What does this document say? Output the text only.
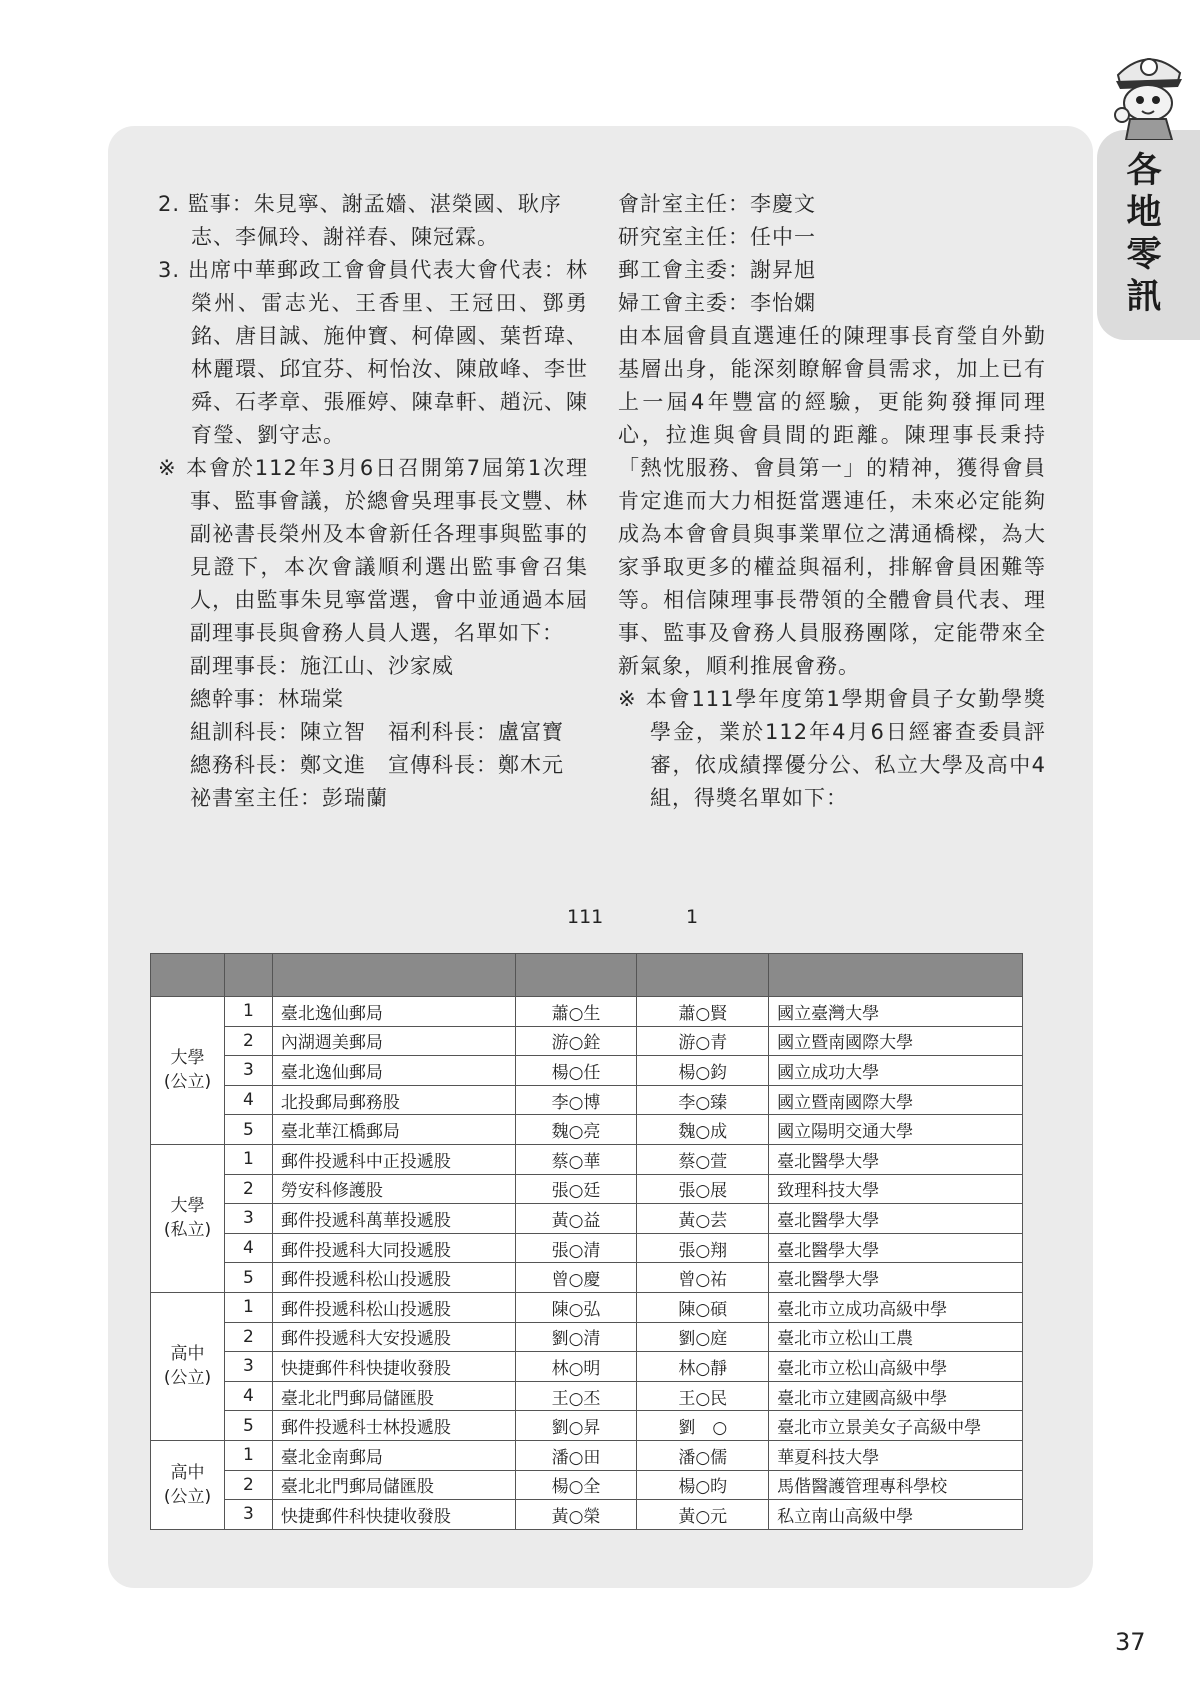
各地零訊

2. 監事：朱見寧、謝孟嬙、湛榮國、耿序志、李佩玲、謝祥春、陳冠霖。

3. 出席中華郵政工會會員代表大會代表：林榮州、雷志光、王香里、王冠田、鄧勇銘、唐目誠、施仲寶、柯偉國、葉哲瑋、林麗環、邱宜芬、柯怡汝、陳啟峰、李世舜、石孝章、張雁婷、陳韋軒、趙沅、陳育瑩、劉守志。

※ 本會於112年3月6日召開第7屆第1次理事、監事會議，於總會吳理事長文豐、林副祕書長榮州及本會新任各理事與監事的見證下，本次會議順利選出監事會召集人，由監事朱見寧當選，會中並通過本屆副理事長與會務人員人選，名單如下：

副理事長：施江山、沙家威

總幹事：林瑞棠

組訓科長：陳立智　福利科長：盧富寶

總務科長：鄭文進　宣傳科長：鄭木元

祕書室主任：彭瑞蘭

會計室主任：李慶文

研究室主任：任中一

郵工會主委：謝昇旭

婦工會主委：李怡嫻

由本屆會員直選連任的陳理事長育瑩自外勤基層出身，能深刻瞭解會員需求，加上已有上一屆4年豐富的經驗，更能夠發揮同理心，拉進與會員間的距離。陳理事長秉持「熱忱服務、會員第一」的精神，獲得會員肯定進而大力相挺當選連任，未來必定能夠成為本會會員與事業單位之溝通橋樑，為大家爭取更多的權益與福利，排解會員困難等等。相信陳理事長帶領的全體會員代表、理事、監事及會務人員服務團隊，定能帶來全新氣象，順利推展會務。

※ 本會111學年度第1學期會員子女勤學獎學金，業於112年4月6日經審查委員評審，依成績擇優分公、私立大學及高中4組，得獎名單如下：

111	1

大學
(公立)	1	臺北逸仙郵局	蕭○生	蕭○賢	國立臺灣大學
	2	內湖週美郵局	游○銓	游○青	國立暨南國際大學
	3	臺北逸仙郵局	楊○任	楊○鈞	國立成功大學
	4	北投郵局郵務股	李○博	李○臻	國立暨南國際大學
	5	臺北華江橋郵局	魏○亮	魏○成	國立陽明交通大學
大學
(私立)	1	郵件投遞科中正投遞股	蔡○華	蔡○萱	臺北醫學大學
	2	勞安科修護股	張○廷	張○展	致理科技大學
	3	郵件投遞科萬華投遞股	黃○益	黃○芸	臺北醫學大學
	4	郵件投遞科大同投遞股	張○清	張○翔	臺北醫學大學
	5	郵件投遞科松山投遞股	曾○慶	曾○祐	臺北醫學大學
高中
(公立)	1	郵件投遞科松山投遞股	陳○弘	陳○碩	臺北市立成功高級中學
	2	郵件投遞科大安投遞股	劉○清	劉○庭	臺北市立松山工農
	3	快捷郵件科快捷收發股	林○明	林○靜	臺北市立松山高級中學
	4	臺北北門郵局儲匯股	王○丕	王○民	臺北市立建國高級中學
	5	郵件投遞科士林投遞股	劉○昇	劉　○	臺北市立景美女子高級中學
高中
(公立)	1	臺北金南郵局	潘○田	潘○儒	華夏科技大學
	2	臺北北門郵局儲匯股	楊○全	楊○昀	馬偕醫護管理專科學校
	3	快捷郵件科快捷收發股	黃○榮	黃○元	私立南山高級中學
37
